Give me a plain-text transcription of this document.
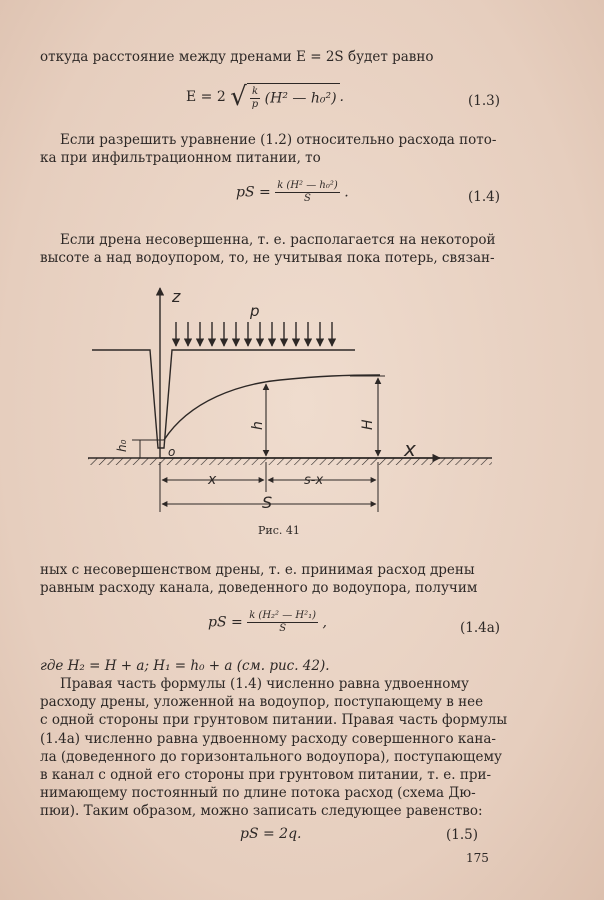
откуда расстояние между дренами E = 2S будет равно
E = 2 √ $\frac{k}{p} (H^2$ — h₀²) .	(1.3)
Если разрешить уравнение (1.2) относительно расхода пото-
ка при инфильтрационном питании, то
pS = $\frac{\text{k (H² — h₀²)}}{S}$ .	(1.4)
Если дрена несовершенна, т. е. располагается на некоторой
высоте a над водоупором, то, не учитывая пока потерь, связан-
z
p
h₀	o
h	H
x
x	s-x
S
Рис. 41
ных с несовершенством дрены, т. е. принимая расход дрены
равным расходу канала, доведенного до водоупора, получим
pS = $\frac{\text{k (H₂² — H²₁)}}{S}$ ,	(1.4a)
где H₂ = H + a; H₁ = h₀ + a (см. рис. 42).
Правая часть формулы (1.4) численно равна удвоенному
расходу дрены, уложенной на водоупор, поступающему в нее
с одной стороны при грунтовом питании. Правая часть формулы
(1.4a) численно равна удвоенному расходу совершенного кана-
ла (доведенного до горизонтального водоупора), поступающему
в канал с одной его стороны при грунтовом питании, т. е. при-
нимающему постоянный по длине потока расход (схема Дю-
пюи). Таким образом, можно записать следующее равенство:
pS = 2q.	(1.5)
175
